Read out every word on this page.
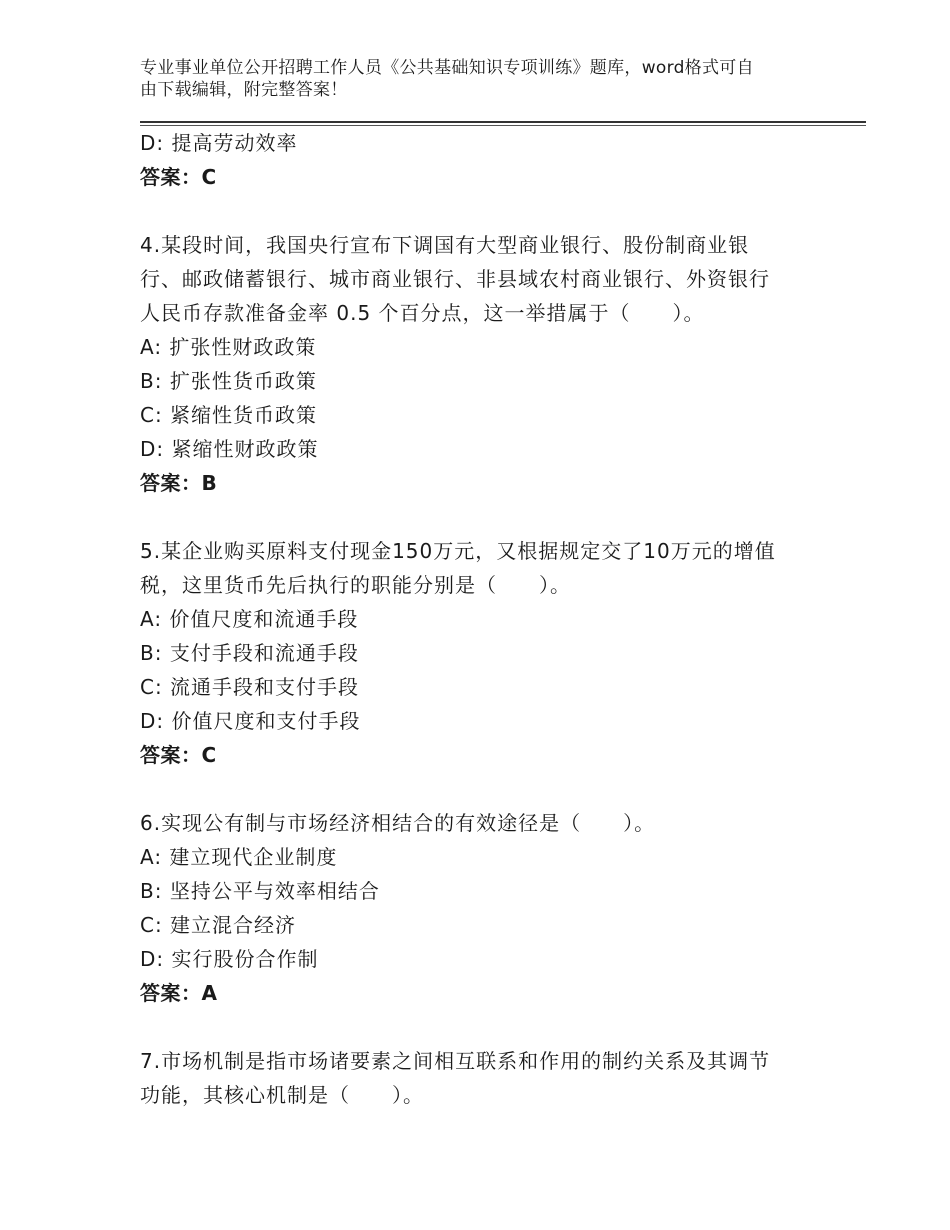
专业事业单位公开招聘工作人员《公共基础知识专项训练》题库，word格式可自
由下载编辑，附完整答案！
D: 提高劳动效率
答案：C
4.某段时间，我国央行宣布下调国有大型商业银行、股份制商业银
行、邮政储蓄银行、城市商业银行、非县域农村商业银行、外资银行
人民币存款准备金率 0.5 个百分点，这一举措属于（　　）。
A: 扩张性财政政策
B: 扩张性货币政策
C: 紧缩性货币政策
D: 紧缩性财政政策
答案：B
5.某企业购买原料支付现金150万元，又根据规定交了10万元的增值
税，这里货币先后执行的职能分别是（　　）。
A: 价值尺度和流通手段
B: 支付手段和流通手段
C: 流通手段和支付手段
D: 价值尺度和支付手段
答案：C
6.实现公有制与市场经济相结合的有效途径是（　　）。
A: 建立现代企业制度
B: 坚持公平与效率相结合
C: 建立混合经济
D: 实行股份合作制
答案：A
7.市场机制是指市场诸要素之间相互联系和作用的制约关系及其调节
功能，其核心机制是（　　）。
